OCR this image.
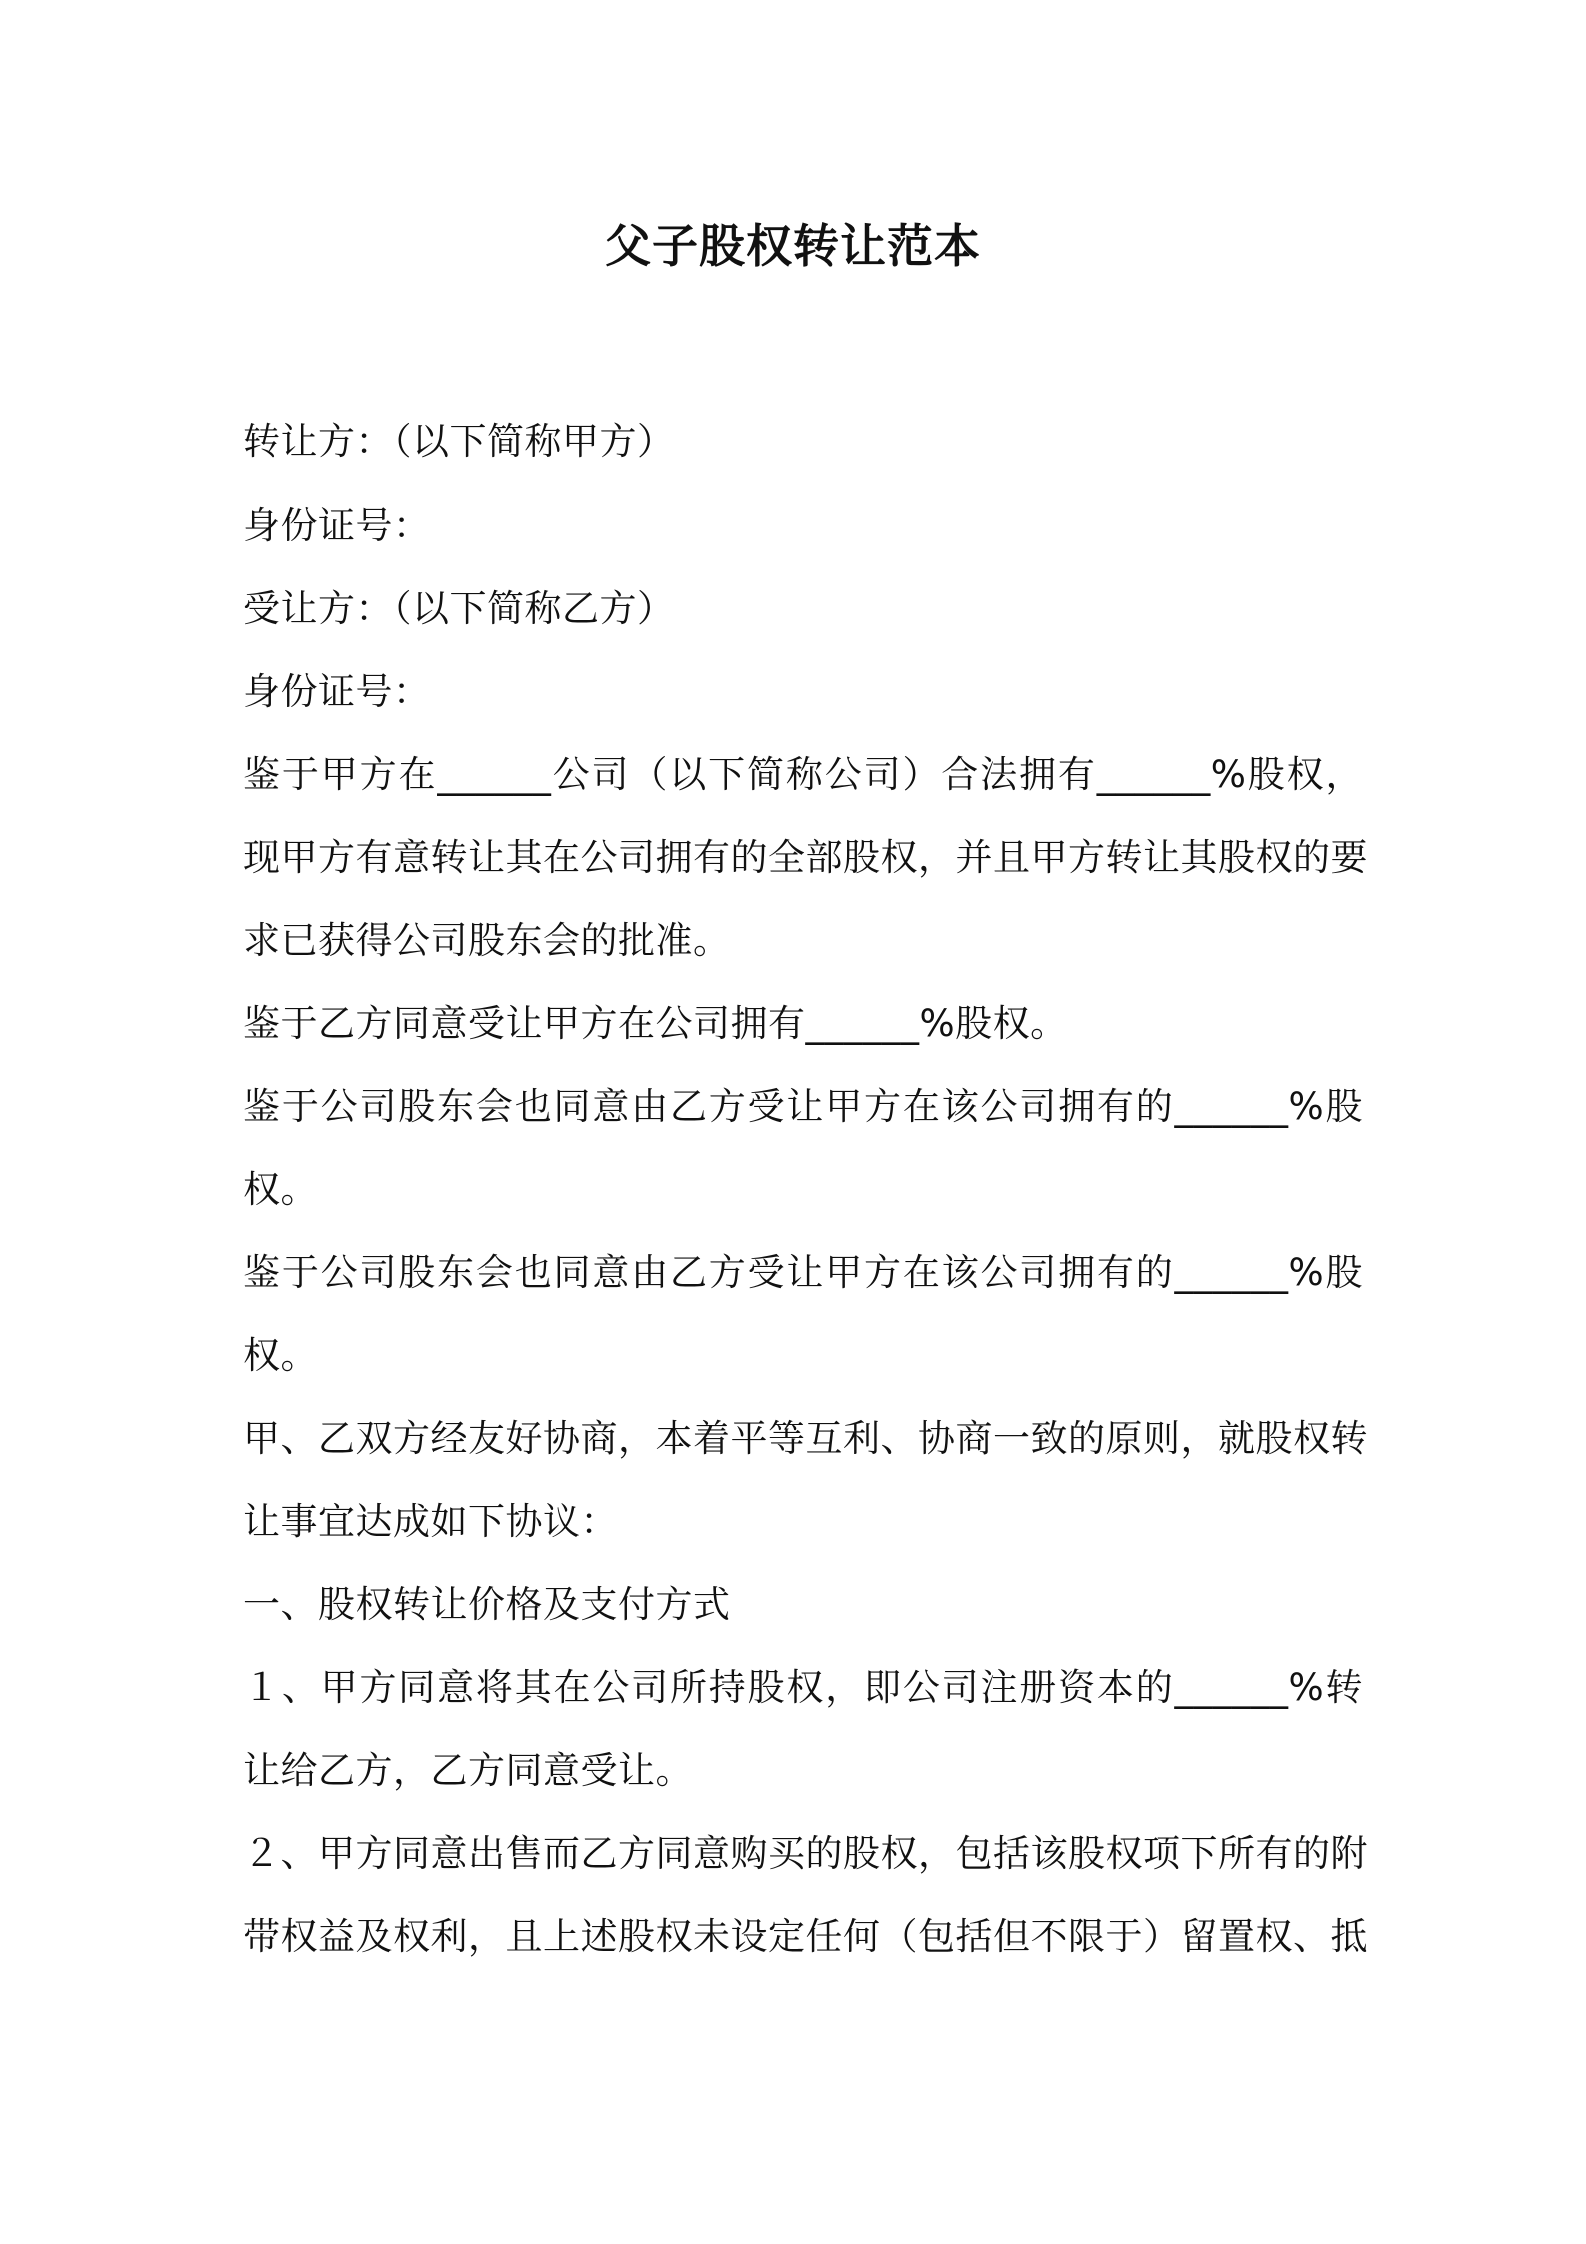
父子股权转让范本
转让方：（以下简称甲方）
身份证号：
受让方：（以下简称乙方）
身份证号：
鉴于甲方在______公司（以下简称公司）合法拥有______%股权，
现甲方有意转让其在公司拥有的全部股权，并且甲方转让其股权的要
求已获得公司股东会的批准。
鉴于乙方同意受让甲方在公司拥有______%股权。
鉴于公司股东会也同意由乙方受让甲方在该公司拥有的______%股
权。
鉴于公司股东会也同意由乙方受让甲方在该公司拥有的______%股
权。
甲、乙双方经友好协商，本着平等互利、协商一致的原则，就股权转
让事宜达成如下协议：
一、股权转让价格及支付方式
１、甲方同意将其在公司所持股权，即公司注册资本的______%转
让给乙方，乙方同意受让。
２、甲方同意出售而乙方同意购买的股权，包括该股权项下所有的附
带权益及权利，且上述股权未设定任何（包括但不限于）留置权、抵
